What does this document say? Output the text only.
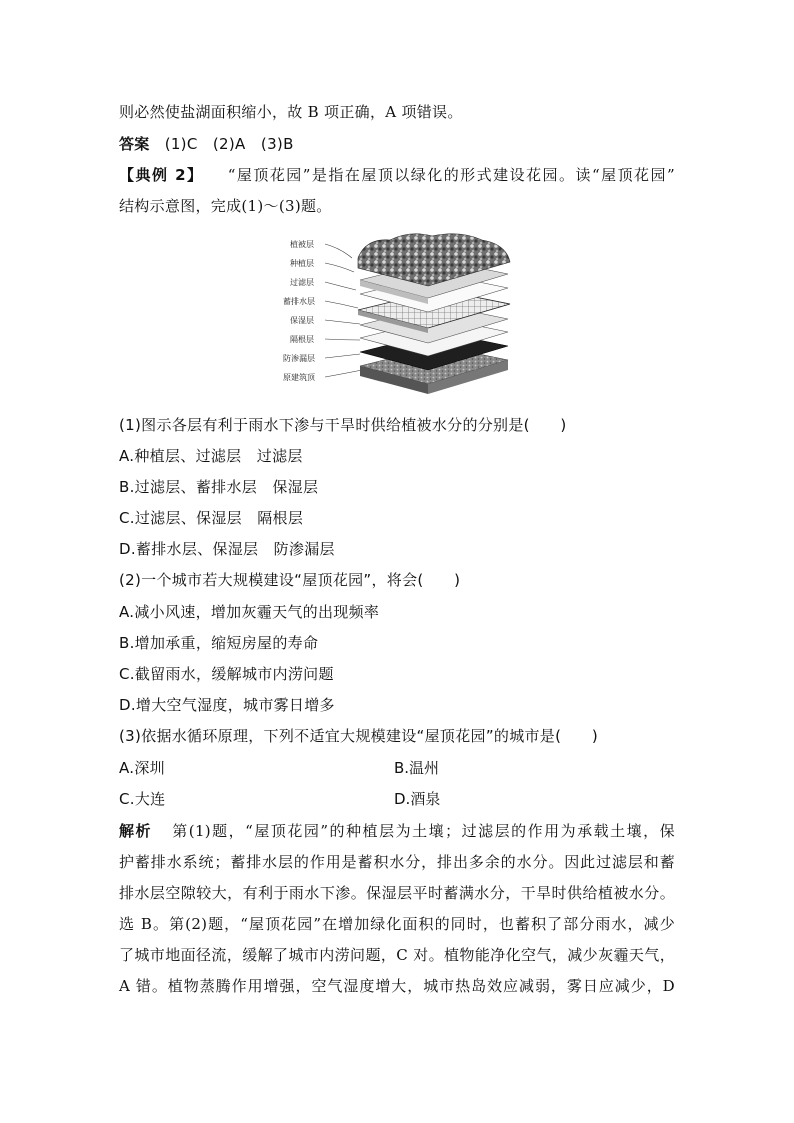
则必然使盐湖面积缩小，故 B 项正确，A 项错误。
答案 (1)C　(2)A　(3)B
【典例 2】 “屋顶花园”是指在屋顶以绿化的形式建设花园。读“屋顶花园”
结构示意图，完成(1)～(3)题。
植被层
种植层
过滤层
蓄排水层
保湿层
隔根层
防渗漏层
原建筑顶
(1)图示各层有利于雨水下渗与干旱时供给植被水分的分别是(　　)
A.种植层、过滤层　过滤层
B.过滤层、蓄排水层　保湿层
C.过滤层、保湿层　隔根层
D.蓄排水层、保湿层　防渗漏层
(2)一个城市若大规模建设“屋顶花园”，将会(　　)
A.减小风速，增加灰霾天气的出现频率
B.增加承重，缩短房屋的寿命
C.截留雨水，缓解城市内涝问题
D.增大空气湿度，城市雾日增多
(3)依据水循环原理，下列不适宜大规模建设“屋顶花园”的城市是(　　)
A.深圳	B.温州
C.大连	D.酒泉
解析 第(1)题，“屋顶花园”的种植层为土壤；过滤层的作用为承载土壤，保
护蓄排水系统；蓄排水层的作用是蓄积水分，排出多余的水分。因此过滤层和蓄
排水层空隙较大，有利于雨水下渗。保湿层平时蓄满水分，干旱时供给植被水分。
选 B。第(2)题，“屋顶花园”在增加绿化面积的同时，也蓄积了部分雨水，减少
了城市地面径流，缓解了城市内涝问题，C 对。植物能净化空气，减少灰霾天气，
A 错。植物蒸腾作用增强，空气湿度增大，城市热岛效应减弱，雾日应减少，D
